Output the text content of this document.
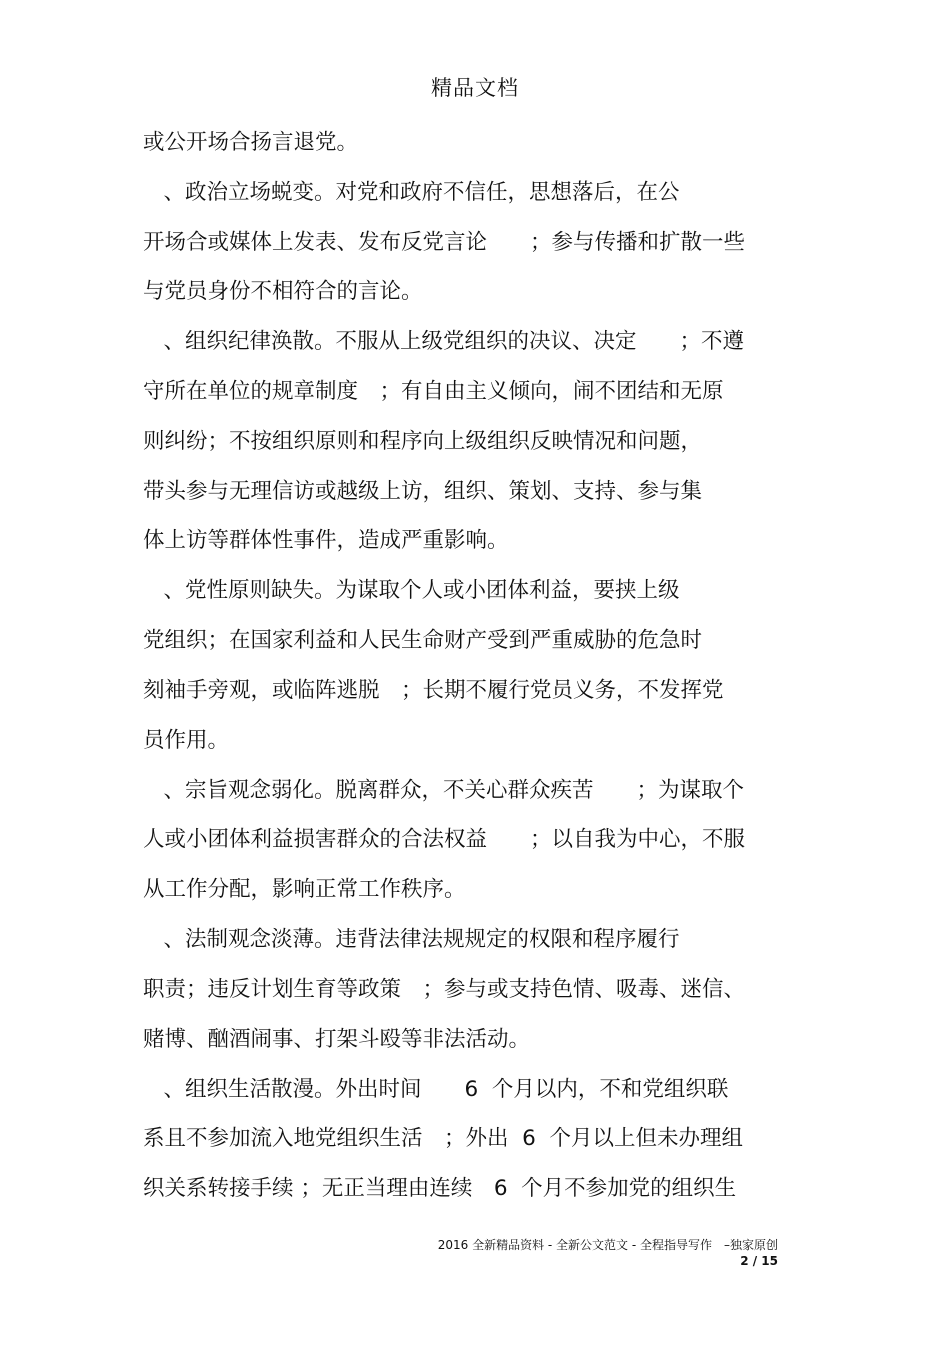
精品文档
或公开场合扬言退党。
、政治立场蜕变。对党和政府不信任，思想落后，在公
开场合或媒体上发表、发布反党言论　　；参与传播和扩散一些
与党员身份不相符合的言论。
、组织纪律涣散。不服从上级党组织的决议、决定　　；不遵
守所在单位的规章制度　；有自由主义倾向，闹不团结和无原
则纠纷；不按组织原则和程序向上级组织反映情况和问题，
带头参与无理信访或越级上访，组织、策划、支持、参与集
体上访等群体性事件，造成严重影响。
、党性原则缺失。为谋取个人或小团体利益，要挟上级
党组织；在国家利益和人民生命财产受到严重威胁的危急时
刻袖手旁观，或临阵逃脱　；长期不履行党员义务，不发挥党
员作用。
、宗旨观念弱化。脱离群众，不关心群众疾苦　　；为谋取个
人或小团体利益损害群众的合法权益　　；以自我为中心，不服
从工作分配，影响正常工作秩序。
、法制观念淡薄。违背法律法规规定的权限和程序履行
职责；违反计划生育等政策　；参与或支持色情、吸毒、迷信、
赌博、酗酒闹事、打架斗殴等非法活动。
、组织生活散漫。外出时间　　6  个月以内，不和党组织联
系且不参加流入地党组织生活　；外出  6  个月以上但未办理组
织关系转接手续 ；无正当理由连续　6  个月不参加党的组织生
2016 全新精品资料 - 全新公文范文 - 全程指导写作　–独家原创
2 / 15
